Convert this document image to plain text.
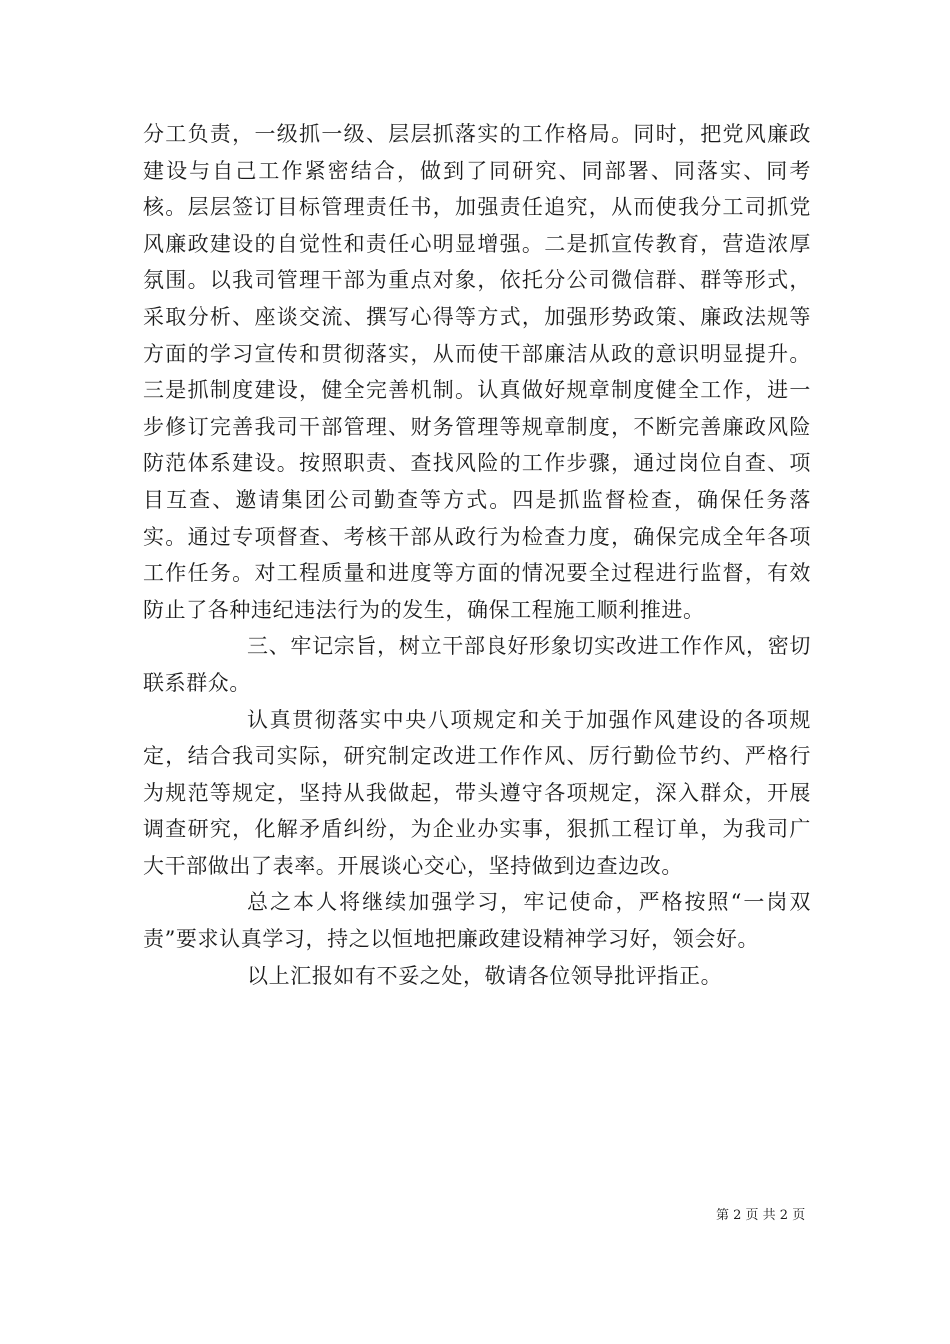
分工负责，一级抓一级、层层抓落实的工作格局。同时，把党风廉政建设与自己工作紧密结合，做到了同研究、同部署、同落实、同考核。层层签订目标管理责任书，加强责任追究，从而使我分工司抓党风廉政建设的自觉性和责任心明显增强。二是抓宣传教育，营造浓厚氛围。以我司管理干部为重点对象，依托分公司微信群、群等形式，采取分析、座谈交流、撰写心得等方式，加强形势政策、廉政法规等方面的学习宣传和贯彻落实，从而使干部廉洁从政的意识明显提升。三是抓制度建设，健全完善机制。认真做好规章制度健全工作，进一步修订完善我司干部管理、财务管理等规章制度，不断完善廉政风险防范体系建设。按照职责、查找风险的工作步骤，通过岗位自查、项目互查、邀请集团公司勤查等方式。四是抓监督检查，确保任务落实。通过专项督查、考核干部从政行为检查力度，确保完成全年各项工作任务。对工程质量和进度等方面的情况要全过程进行监督，有效防止了各种违纪违法行为的发生，确保工程施工顺利推进。

三、牢记宗旨，树立干部良好形象切实改进工作作风，密切联系群众。

认真贯彻落实中央八项规定和关于加强作风建设的各项规定，结合我司实际，研究制定改进工作作风、厉行勤俭节约、严格行为规范等规定，坚持从我做起，带头遵守各项规定，深入群众，开展调查研究，化解矛盾纠纷，为企业办实事，狠抓工程订单，为我司广大干部做出了表率。开展谈心交心，坚持做到边查边改。

总之本人将继续加强学习，牢记使命，严格按照“一岗双责”要求认真学习，持之以恒地把廉政建设精神学习好，领会好。

以上汇报如有不妥之处，敬请各位领导批评指正。

第 2 页 共 2 页
